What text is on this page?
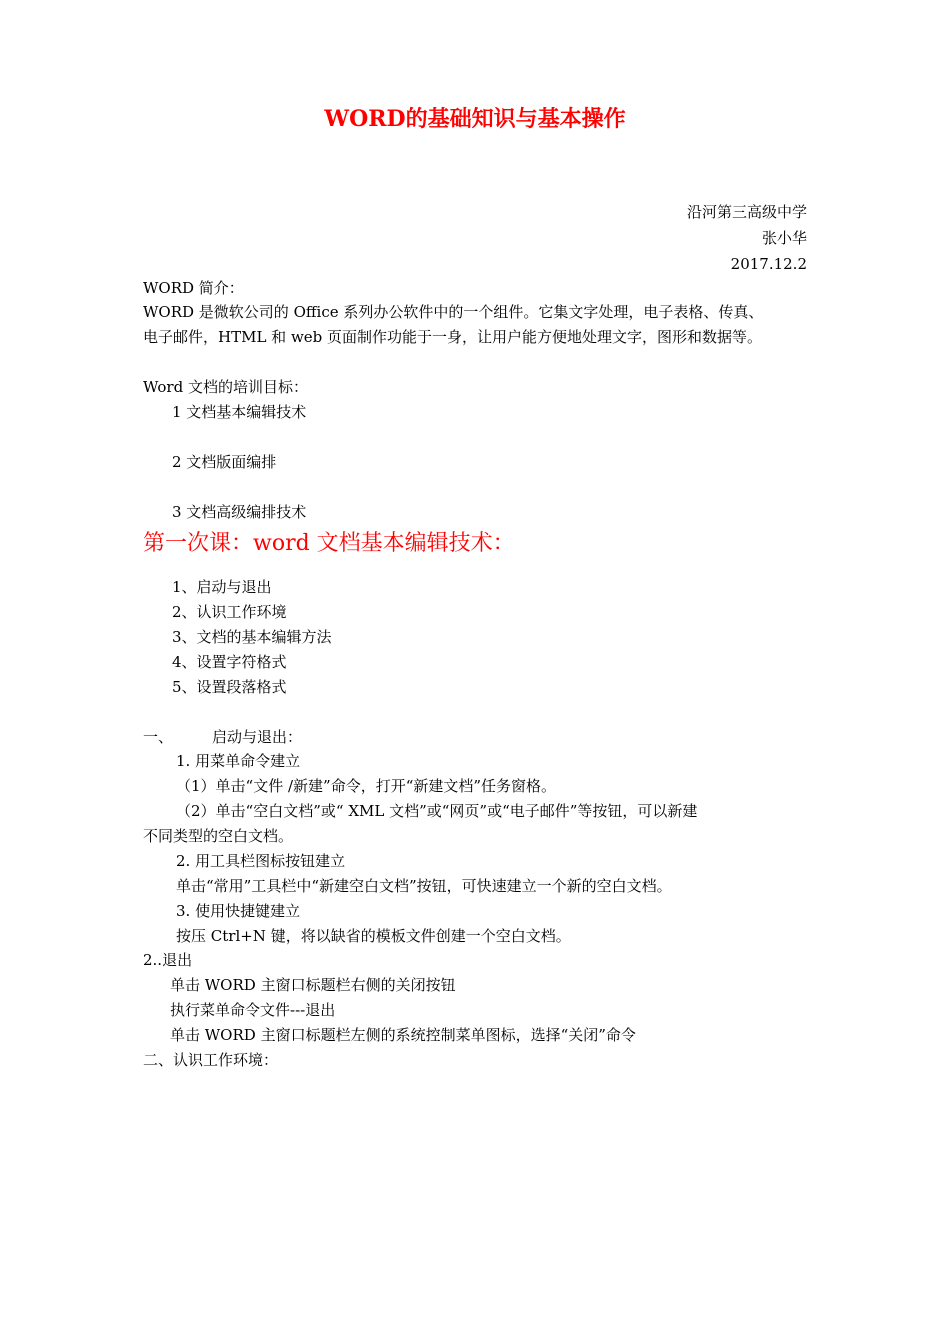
WORD的基础知识与基本操作
沿河第三高级中学
张小华
2017.12.2
WORD 简介：
WORD 是微软公司的 Office 系列办公软件中的一个组件。它集文字处理，电子表格、传真、
电子邮件，HTML 和 web 页面制作功能于一身，让用户能方便地处理文字，图形和数据等。
Word 文档的培训目标：
1 文档基本编辑技术
2 文档版面编排
3 文档高级编排技术
第一次课：word 文档基本编辑技术：
1、启动与退出
2、认识工作环境
3、文档的基本编辑方法
4、设置字符格式
5、设置段落格式
一、	启动与退出：
1. 用菜单命令建立
（1）单击“文件 /新建”命令，打开“新建文档”任务窗格。
（2）单击“空白文档”或“ XML 文档”或“网页”或“电子邮件”等按钮，可以新建
不同类型的空白文档。
2. 用工具栏图标按钮建立
单击“常用”工具栏中“新建空白文档”按钮，可快速建立一个新的空白文档。
3. 使用快捷键建立
按压 Ctrl+N 键，将以缺省的模板文件创建一个空白文档。
2..退出
单击 WORD 主窗口标题栏右侧的关闭按钮
执行菜单命令文件---退出
单击 WORD 主窗口标题栏左侧的系统控制菜单图标，选择“关闭”命令
二、认识工作环境：
